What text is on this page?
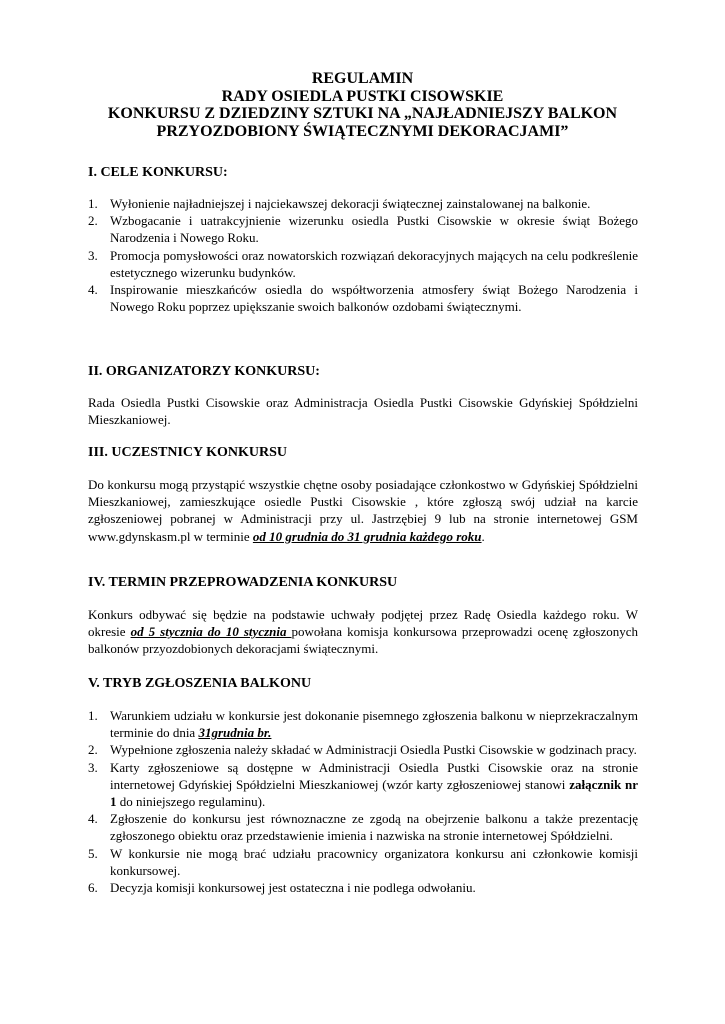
REGULAMIN
RADY OSIEDLA PUSTKI CISOWSKIE
KONKURSU Z DZIEDZINY SZTUKI NA „NAJŁADNIEJSZY BALKON
PRZYOZDOBIONY ŚWIĄTECZNYMI DEKORACJAMI”
I. CELE KONKURSU:
1. Wyłonienie najładniejszej i najciekawszej dekoracji świątecznej zainstalowanej na balkonie.
2. Wzbogacanie i uatrakcyjnienie wizerunku osiedla Pustki Cisowskie w okresie świąt Bożego Narodzenia i Nowego Roku.
3. Promocja pomysłowości oraz nowatorskich rozwiązań dekoracyjnych mających na celu podkreślenie estetycznego wizerunku budynków.
4. Inspirowanie mieszkańców osiedla do współtworzenia atmosfery świąt Bożego Narodzenia i Nowego Roku poprzez upiększanie swoich balkonów ozdobami świątecznymi.
II. ORGANIZATORZY KONKURSU:

Rada Osiedla Pustki Cisowskie oraz Administracja Osiedla Pustki Cisowskie Gdyńskiej Spółdzielni Mieszkaniowej.

III. UCZESTNICY KONKURSU

Do konkursu mogą przystąpić wszystkie chętne osoby posiadające członkostwo w Gdyńskiej Spółdzielni Mieszkaniowej, zamieszkujące osiedle Pustki Cisowskie , które zgłoszą swój udział na karcie zgłoszeniowej pobranej w Administracji przy ul. Jastrzębiej 9 lub na stronie internetowej GSM www.gdynskasm.pl w terminie od 10 grudnia do 31 grudnia każdego roku.

IV. TERMIN PRZEPROWADZENIA KONKURSU

Konkurs odbywać się będzie na podstawie uchwały podjętej przez Radę Osiedla każdego roku. W okresie od 5 stycznia do 10 stycznia powołana komisja konkursowa przeprowadzi ocenę zgłoszonych balkonów przyozdobionych dekoracjami świątecznymi.

V. TRYB ZGŁOSZENIA BALKONU
1. Warunkiem udziału w konkursie jest dokonanie pisemnego zgłoszenia balkonu w nieprzekraczalnym terminie do dnia 31grudnia br.
2. Wypełnione zgłoszenia należy składać w Administracji Osiedla Pustki Cisowskie w godzinach pracy.
3. Karty zgłoszeniowe są dostępne w Administracji Osiedla Pustki Cisowskie oraz na stronie internetowej Gdyńskiej Spółdzielni Mieszkaniowej (wzór karty zgłoszeniowej stanowi załącznik nr 1 do niniejszego regulaminu).
4. Zgłoszenie do konkursu jest równoznaczne ze zgodą na obejrzenie balkonu a także prezentację zgłoszonego obiektu oraz przedstawienie imienia i nazwiska na stronie internetowej Spółdzielni.
5. W konkursie nie mogą brać udziału pracownicy organizatora konkursu ani członkowie komisji konkursowej.
6. Decyzja komisji konkursowej jest ostateczna i nie podlega odwołaniu.
